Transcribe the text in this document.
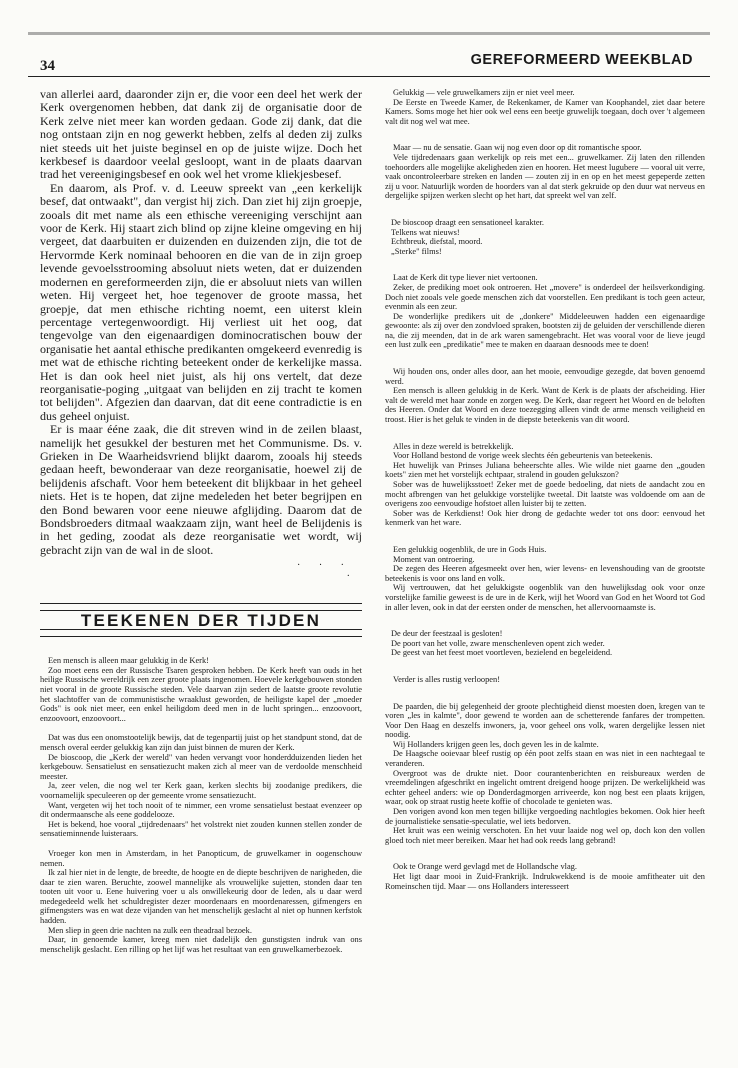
34	GEREFORMEERD WEEKBLAD

van allerlei aard, daaronder zijn er, die voor een deel het werk der Kerk overgenomen hebben, dat dank zij de organisatie door de Kerk zelve niet meer kan worden gedaan. Gode zij dank, dat die nog ontstaan zijn en nog gewerkt hebben, zelfs al deden zij zulks niet steeds uit het juiste beginsel en op de juiste wijze. Doch het kerkbesef is daardoor veelal gesloopt, want in de plaats daarvan trad het vereenigingsbesef en ook wel het vrome kliekjesbesef.

En daarom, als Prof. v. d. Leeuw spreekt van „een kerkelijk besef, dat ontwaakt", dan vergist hij zich. Dan ziet hij zijn groepje, zooals dit met name als een ethische vereeniging verschijnt aan voor de Kerk. Hij staart zich blind op zijne kleine omgeving en hij vergeet, dat daarbuiten er duizenden en duizenden zijn, die tot de Hervormde Kerk nominaal behooren en die van de in zijn groep levende gevoelsstrooming absoluut niets weten, dat er duizenden modernen en gereformeerden zijn, die er absoluut niets van willen weten. Hij vergeet het, hoe tegenover de groote massa, het groepje, dat men ethische richting noemt, een uiterst klein percentage vertegenwoordigt. Hij verliest uit het oog, dat tengevolge van den eigenaardigen dominocratischen bouw der organisatie het aantal ethische predikanten omgekeerd evenredig is met wat de ethische richting beteekent onder de kerkelijke massa. Het is dan ook heel niet juist, als hij ons vertelt, dat deze reorganisatie-poging „uitgaat van belijden en zij tracht te komen tot belijden". Afgezien dan daarvan, dat dit eene contradictie is en dus geheel onjuist.

Er is maar ééne zaak, die dit streven wind in de zeilen blaast, namelijk het gesukkel der besturen met het Communisme. Ds. v. Grieken in De Waarheidsvriend blijkt daarom, zooals hij steeds gedaan heeft, bewonderaar van deze reorganisatie, hoewel zij de belijdenis afschaft. Voor hem beteekent dit blijkbaar in het geheel niets. Het is te hopen, dat zijne medeleden het beter begrijpen en den Bond bewaren voor eene nieuwe afglijding. Daarom dat de Bondsbroeders ditmaal waakzaam zijn, want heel de Belijdenis is in het geding, zoodat als deze reorganisatie wet wordt, wij gebracht zijn van de wal in de sloot.

· · ·
·
TEEKENEN DER TIJDEN

Een mensch is alleen maar gelukkig in de Kerk!

Zoo moet eens een der Russische Tsaren gesproken hebben. De Kerk heeft van ouds in het heilige Russische wereldrijk een zeer groote plaats ingenomen. Hoevele kerkgebouwen stonden niet vooral in de groote Russische steden. Vele daarvan zijn sedert de laatste groote revolutie het slachtoffer van de communistische wraaklust geworden, de heiligste kapel der „moeder Gods" is ook niet meer, een enkel heiligdom deed men in de lucht springen... enzoovoort, enzoovoort, enzoovoort...

Dat was dus een onomstootelijk bewijs, dat de tegenpartij juist op het standpunt stond, dat de mensch overal eerder gelukkig kan zijn dan juist binnen de muren der Kerk.

De bioscoop, die „Kerk der wereld" van heden vervangt voor honderdduizenden lieden het kerkgebouw. Sensatielust en sensatiezucht maken zich al meer van de verdoolde menschheid meester.

Ja, zeer velen, die nog wel ter Kerk gaan, kerken slechts bij zoodanige predikers, die voornamelijk speculeeren op der gemeente vrome sensatiezucht.

Want, vergeten wij het toch nooit of te nimmer, een vrome sensatielust bestaat evenzeer op dit ondermaansche als eene goddelooze.

Het is bekend, hoe vooral „tijdredenaars" het volstrekt niet zouden kunnen stellen zonder de sensatieminnende luisteraars.

Vroeger kon men in Amsterdam, in het Panopticum, de gruwelkamer in oogenschouw nemen.

Ik zal hier niet in de lengte, de breedte, de hoogte en de diepte beschrijven de narigheden, die daar te zien waren. Beruchte, zoowel mannelijke als vrouwelijke sujetten, stonden daar ten tooten uit voor u. Eene huivering voer u als onwillekeurig door de leden, als u daar werd medegedeeld welk het schuldregister dezer moordenaars en moordenaressen, gifmengers en gifmengsters was en wat deze vijanden van het menschelijk geslacht al niet op hunnen kerfstok hadden.

Men sliep in geen drie nachten na zulk een theadraal bezoek.

Daar, in genoemde kamer, kreeg men niet dadelijk den gunstigsten indruk van ons menschelijk geslacht. Een rilling op het lijf was het resultaat van een gruwelkamerbezoek.

Gelukkig — vele gruwelkamers zijn er niet veel meer.

De Eerste en Tweede Kamer, de Rekenkamer, de Kamer van Koophandel, ziet daar betere Kamers. Soms moge het hier ook wel eens een beetje gruwelijk toegaan, doch over 't algemeen valt dit nog wel wat mee.

Maar — nu de sensatie. Gaan wij nog even door op dit romantische spoor.

Vele tijdredenaars gaan werkelijk op reis met een... gruwelkamer. Zij laten den rillenden toehoorders alle mogelijke akeligheden zien en hooren. Het meest lugubere — vooral uit verre, vaak oncontroleerbare streken en landen — zouten zij in en op en het meest gepeperde zetten zij u voor. Natuurlijk worden de hoorders van al dat sterk gekruide op den duur wat nerveus en dergelijke spijzen werken slecht op het hart, dat spreekt wel van zelf.

De bioscoop draagt een sensationeel karakter.

Telkens wat nieuws!

Echtbreuk, diefstal, moord.

„Sterke" films!

Laat de Kerk dit type liever niet vertoonen.

Zeker, de prediking moet ook ontroeren. Het „movere" is onderdeel der heilsverkondiging. Doch niet zooals vele goede menschen zich dat voorstellen. Een predikant is toch geen acteur, evenmin als een zeur.

De wonderlijke predikers uit de „donkere" Middeleeuwen hadden een eigenaardige gewoonte: als zij over den zondvloed spraken, bootsten zij de geluiden der verschillende dieren na, die zij meenden, dat in de ark waren samengebracht. Het was vooral voor de lieve jeugd een lust zulk een „predikatie" mee te maken en daaraan desnoods mee te doen!

Wij houden ons, onder alles door, aan het mooie, eenvoudige gezegde, dat boven genoemd werd.

Een mensch is alleen gelukkig in de Kerk. Want de Kerk is de plaats der afscheiding. Hier valt de wereld met haar zonde en zorgen weg. De Kerk, daar regeert het Woord en de beloften des Heeren. Onder dat Woord en deze toezegging alleen vindt de arme mensch veiligheid en troost. Hier is het geluk te vinden in de diepste beteekenis van dit woord.

Alles in deze wereld is betrekkelijk.

Voor Holland bestond de vorige week slechts één gebeurtenis van beteekenis.

Het huwelijk van Prinses Juliana beheerschte alles. Wie wilde niet gaarne den „gouden koets" zien met het vorstelijk echtpaar, stralend in gouden gelukszon?

Sober was de huwelijksstoet! Zeker met de goede bedoeling, dat niets de aandacht zou en mocht afbrengen van het gelukkige vorstelijke tweetal. Dit laatste was voldoende om aan de overigens zoo eenvoudige hofstoet allen luister bij te zetten.

Sober was de Kerkdienst! Ook hier drong de gedachte weder tot ons door: eenvoud het kenmerk van het ware.

Een gelukkig oogenblik, de ure in Gods Huis.

Moment van ontroering.

De zegen des Heeren afgesmeekt over hen, wier levens- en levenshouding van de grootste beteekenis is voor ons land en volk.

Wij vertrouwen, dat het gelukkigste oogenblik van den huwelijksdag ook voor onze vorstelijke familie geweest is de ure in de Kerk, wijl het Woord van God en het Woord tot God in aller leven, ook in dat der eersten onder de menschen, het allervoornaamste is.

De deur der feestzaal is gesloten!

De poort van het volle, zware menschenleven opent zich weder.

De geest van het feest moet voortleven, bezielend en begeleidend.

Verder is alles rustig verloopen!

De paarden, die bij gelegenheid der groote plechtigheid dienst moesten doen, kregen van te voren „les in kalmte", door gewend te worden aan de schetterende fanfares der trompetten. Voor Den Haag en deszelfs inwoners, ja, voor geheel ons volk, waren dergelijke lessen niet noodig.

Wij Hollanders krijgen geen les, doch geven les in de kalmte.

De Haagsche ooievaar bleef rustig op één poot zelfs staan en was niet in een nachtegaal te veranderen.

Overgroot was de drukte niet. Door courantenberichten en reisbureaux werden de vreemdelingen afgeschrikt en ingelicht omtrent dreigend hooge prijzen. De werkelijkheid was echter geheel anders: wie op Donderdagmorgen arriveerde, kon nog best een plaats krijgen, waar, ook op straat rustig heete koffie of chocolade te genieten was.

Den vorigen avond kon men tegen billijke vergoeding nachtlogies bekomen. Ook hier heeft de journalistieke sensatie-speculatie, wel iets bedorven.

Het kruit was een weinig verschoten. En het vuur laaide nog wel op, doch kon den vollen gloed toch niet meer bereiken. Maar het had ook reeds lang gebrand!

Ook te Orange werd gevlagd met de Hollandsche vlag.

Het ligt daar mooi in Zuid-Frankrijk. Indrukwekkend is de mooie amfitheater uit den Romeinschen tijd. Maar — ons Hollanders interesseert
